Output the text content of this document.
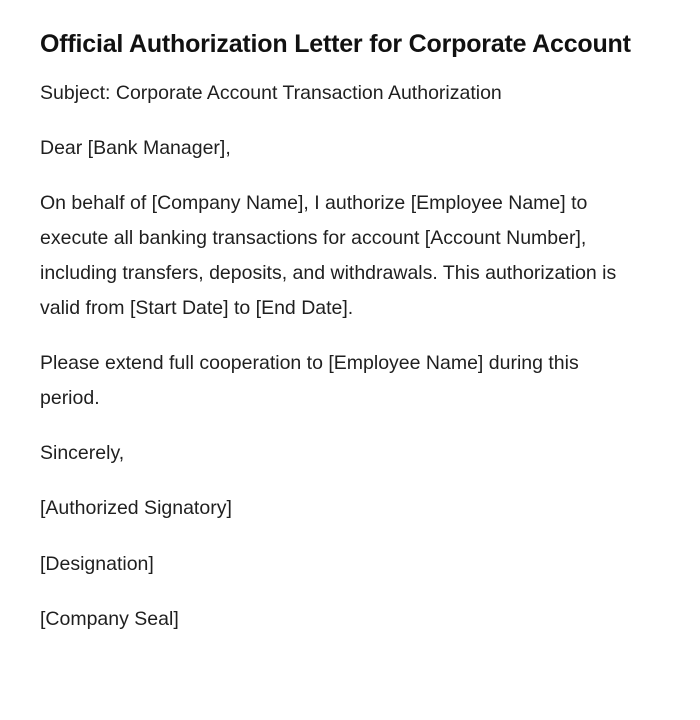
Official Authorization Letter for Corporate Account

Subject: Corporate Account Transaction Authorization

Dear [Bank Manager],

On behalf of [Company Name], I authorize [Employee Name] to execute all banking transactions for account [Account Number], including transfers, deposits, and withdrawals. This authorization is valid from [Start Date] to [End Date].

Please extend full cooperation to [Employee Name] during this period.

Sincerely,

[Authorized Signatory]

[Designation]

[Company Seal]
